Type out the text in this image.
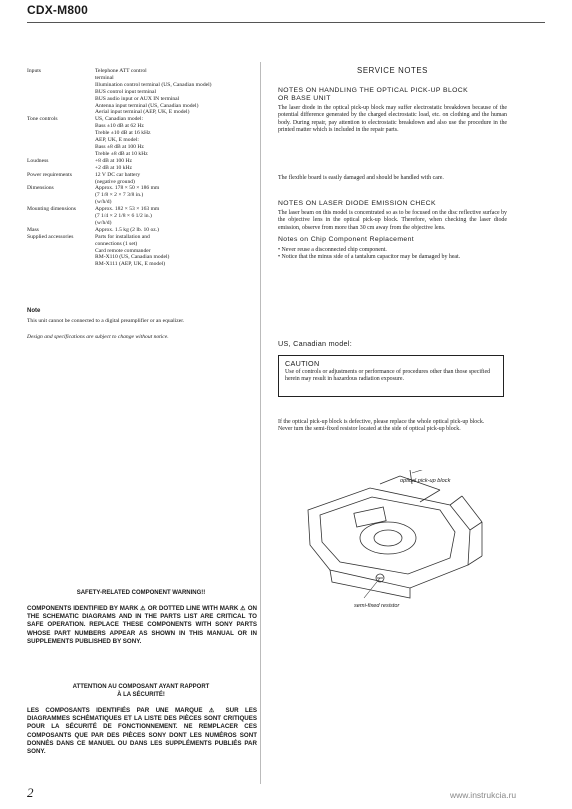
CDX-M800
Inputs	Telephone ATT control
terminal
Illumination control terminal (US, Canadian model)
BUS control input terminal
BUS audio input or AUX IN terminal
Antenna input terminal (US, Canadian model)
Aerial input terminal (AEP, UK, E model)
Tone controls	US, Canadian model:
Bass ±10 dB at 62 Hz
Treble ±10 dB at 16 kHz
AEP, UK, E model:
Bass ±8 dB at 100 Hz
Treble ±8 dB at 10 kHz
Loudness	+8 dB at 100 Hz
+2 dB at 10 kHz
Power requirements	12 V DC car battery
(negative ground)
Dimensions	Approx. 178 × 50 × 186 mm
(7 1/8 × 2 × 7 3/8 in.)
(w/h/d)
Mounting dimensions	Approx. 182 × 53 × 163 mm
(7 1/4 × 2 1/8 × 6 1/2 in.)
(w/h/d)
Mass	Approx. 1.5 kg (2 lb. 10 oz.)
Supplied accessories	Parts for installation and
connections (1 set)
Card remote commander
RM-X110 (US, Canadian model)
RM-X111 (AEP, UK, E model)
Note
This unit cannot be connected to a digital preamplifier or an equalizer.
Design and specifications are subject to change without notice.
SAFETY-RELATED COMPONENT WARNING!!
COMPONENTS IDENTIFIED BY MARK ⚠ OR DOTTED LINE WITH MARK ⚠ ON THE SCHEMATIC DIAGRAMS AND IN THE PARTS LIST ARE CRITICAL TO SAFE OPERATION. REPLACE THESE COMPONENTS WITH SONY PARTS WHOSE PART NUMBERS APPEAR AS SHOWN IN THIS MANUAL OR IN SUPPLEMENTS PUBLISHED BY SONY.
ATTENTION AU COMPOSANT AYANT RAPPORT
À LA SÉCURITÉ!
LES COMPOSANTS IDENTIFIÉS PAR UNE MARQUE ⚠ SUR LES DIAGRAMMES SCHÉMATIQUES ET LA LISTE DES PIÈCES SONT CRITIQUES POUR LA SÉCURITÉ DE FONCTIONNEMENT. NE REMPLACER CES COMPOSANTS QUE PAR DES PIÈCES SONY DONT LES NUMÉROS SONT DONNÉS DANS CE MANUEL OU DANS LES SUPPLÉMENTS PUBLIÉS PAR SONY.
SERVICE NOTES
NOTES ON HANDLING THE OPTICAL PICK-UP BLOCK
OR BASE UNIT
The laser diode in the optical pick-up block may suffer electrostatic breakdown because of the potential difference generated by the charged electrostatic load, etc. on clothing and the human body. During repair, pay attention to electrostatic breakdown and also use the procedure in the printed matter which is included in the repair parts.
The flexible board is easily damaged and should be handled with care.
NOTES ON LASER DIODE EMISSION CHECK
The laser beam on this model is concentrated so as to be focused on the disc reflective surface by the objective lens in the optical pick-up block. Therefore, when checking the laser diode emission, observe from more than 30 cm away from the objective lens.
Notes on Chip Component Replacement
• Never reuse a disconnected chip component.
• Notice that the minus side of a tantalum capacitor may be damaged by heat.
US, Canadian model:
CAUTION
Use of controls or adjustments or performance of procedures other than those specified herein may result in hazardous radiation exposure.
If the optical pick-up block is defective, please replace the whole optical pick-up block.
Never turn the semi-fixed resistor located at the side of optical pick-up block.
optical pick-up block
semi-fixed resistor
2	www.instrukcia.ru
